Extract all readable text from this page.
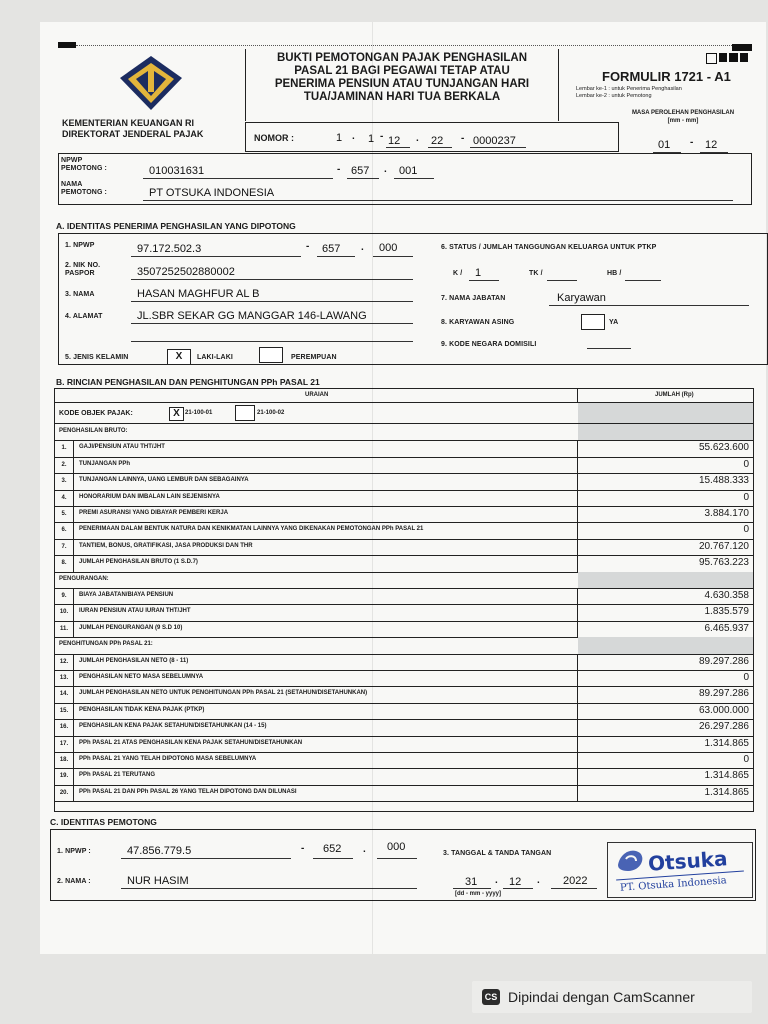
KEMENTERIAN KEUANGAN RI
DIREKTORAT JENDERAL PAJAK
BUKTI PEMOTONGAN PAJAK PENGHASILAN
PASAL 21 BAGI PEGAWAI TETAP ATAU
PENERIMA PENSIUN ATAU TUNJANGAN HARI
TUA/JAMINAN HARI TUA BERKALA
FORMULIR 1721 - A1
Lembar ke-1 : untuk Penerima Penghasilan
Lembar ke-2 : untuk Pemotong
MASA PEROLEHAN PENGHASILAN [mm - mm]
01 - 12
NOMOR :	1 . 1 - 12 . 22 - 0000237
NPWP PEMOTONG :	010031631	- 657 . 001
NAMA PEMOTONG :	PT OTSUKA INDONESIA
A. IDENTITAS PENERIMA PENGHASILAN YANG DIPOTONG
1. NPWP	97.172.502.3	- 657 . 000
2. NIK NO. PASPOR	3507252502880002
3. NAMA	HASAN MAGHFUR AL B
4. ALAMAT	JL.SBR SEKAR GG MANGGAR 146-LAWANG
5. JENIS KELAMIN	X	LAKI-LAKI	PEREMPUAN
6. STATUS / JUMLAH TANGGUNGAN KELUARGA UNTUK PTKP
K / 1	TK /	HB /
7. NAMA JABATAN	Karyawan
8. KARYAWAN ASING	YA
9. KODE NEGARA DOMISILI
B. RINCIAN PENGHASILAN DAN PENGHITUNGAN PPh PASAL 21
URAIAN	JUMLAH (Rp)
KODE OBJEK PAJAK:	X 21-100-01	21-100-02
PENGHASILAN BRUTO:
1.	GAJI/PENSIUN ATAU THT/JHT	55.623.600
2.	TUNJANGAN PPh	0
3.	TUNJANGAN LAINNYA, UANG LEMBUR DAN SEBAGAINYA	15.488.333
4.	HONORARIUM DAN IMBALAN LAIN SEJENISNYA	0
5.	PREMI ASURANSI YANG DIBAYAR PEMBERI KERJA	3.884.170
6.	PENERIMAAN DALAM BENTUK NATURA DAN KENIKMATAN LAINNYA YANG DIKENAKAN PEMOTONGAN PPh PASAL 21	0
7.	TANTIEM, BONUS, GRATIFIKASI, JASA PRODUKSI DAN THR	20.767.120
8.	JUMLAH PENGHASILAN BRUTO (1 S.D.7)	95.763.223
PENGURANGAN:
9.	BIAYA JABATAN/BIAYA PENSIUN	4.630.358
10.	IURAN PENSIUN ATAU IURAN THT/JHT	1.835.579
11.	JUMLAH PENGURANGAN (9 S.D 10)	6.465.937
PENGHITUNGAN PPh PASAL 21:
12.	JUMLAH PENGHASILAN NETO (8 - 11)	89.297.286
13.	PENGHASILAN NETO MASA SEBELUMNYA	0
14.	JUMLAH PENGHASILAN NETO UNTUK PENGHITUNGAN PPh PASAL 21 (SETAHUN/DISETAHUNKAN)	89.297.286
15.	PENGHASILAN TIDAK KENA PAJAK (PTKP)	63.000.000
16.	PENGHASILAN KENA PAJAK SETAHUN/DISETAHUNKAN (14 - 15)	26.297.286
17.	PPh PASAL 21 ATAS PENGHASILAN KENA PAJAK SETAHUN/DISETAHUNKAN	1.314.865
18.	PPh PASAL 21 YANG TELAH DIPOTONG MASA SEBELUMNYA	0
19.	PPh PASAL 21 TERUTANG	1.314.865
20.	PPh PASAL 21 DAN PPh PASAL 26 YANG TELAH DIPOTONG DAN DILUNASI	1.314.865
C. IDENTITAS PEMOTONG
1. NPWP :	47.856.779.5	- 652 . 000
2. NAMA :	NUR HASIM
3. TANGGAL & TANDA TANGAN
31 . 12 . 2022
[dd - mm - yyyy]
Otsuka
PT. Otsuka Indonesia
CS Dipindai dengan CamScanner
